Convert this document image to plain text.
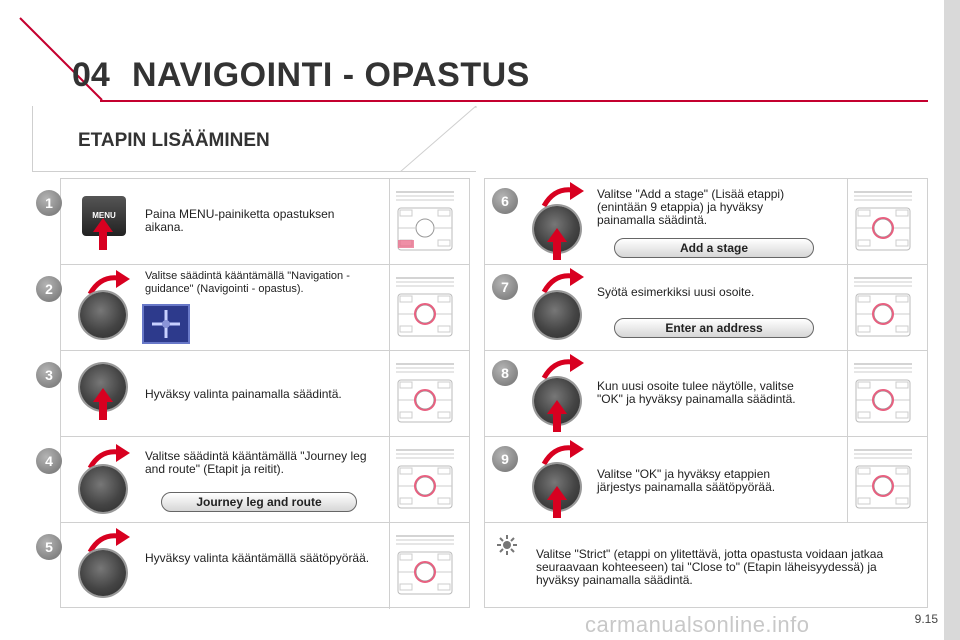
04 NAVIGOINTI - OPASTUS
ETAPIN LISÄÄMINEN
1
2
3
4
5
6
7
8
9
MENU	Paina MENU-painiketta opastuksen aikana.
Valitse säädintä kääntämällä "Navigation - guidance" (Navigointi - opastus).
Hyväksy valinta painamalla säädintä.
Valitse säädintä kääntämällä "Journey leg and route" (Etapit ja reitit).
Journey leg and route
Hyväksy valinta kääntämällä säätöpyörää.
Valitse "Add a stage" (Lisää etappi) (enintään 9 etappia) ja hyväksy painamalla säädintä.
Add a stage
Syötä esimerkiksi uusi osoite.
Enter an address
Kun uusi osoite tulee näytölle, valitse "OK" ja hyväksy painamalla säädintä.
Valitse "OK" ja hyväksy etappien järjestys painamalla säätöpyörää.
Valitse "Strict" (etappi on ylitettävä, jotta opastusta voidaan jatkaa seuraavaan kohteeseen) tai "Close to" (Etapin läheisyydessä) ja hyväksy painamalla säädintä.
carmanualsonline.info	9.15
